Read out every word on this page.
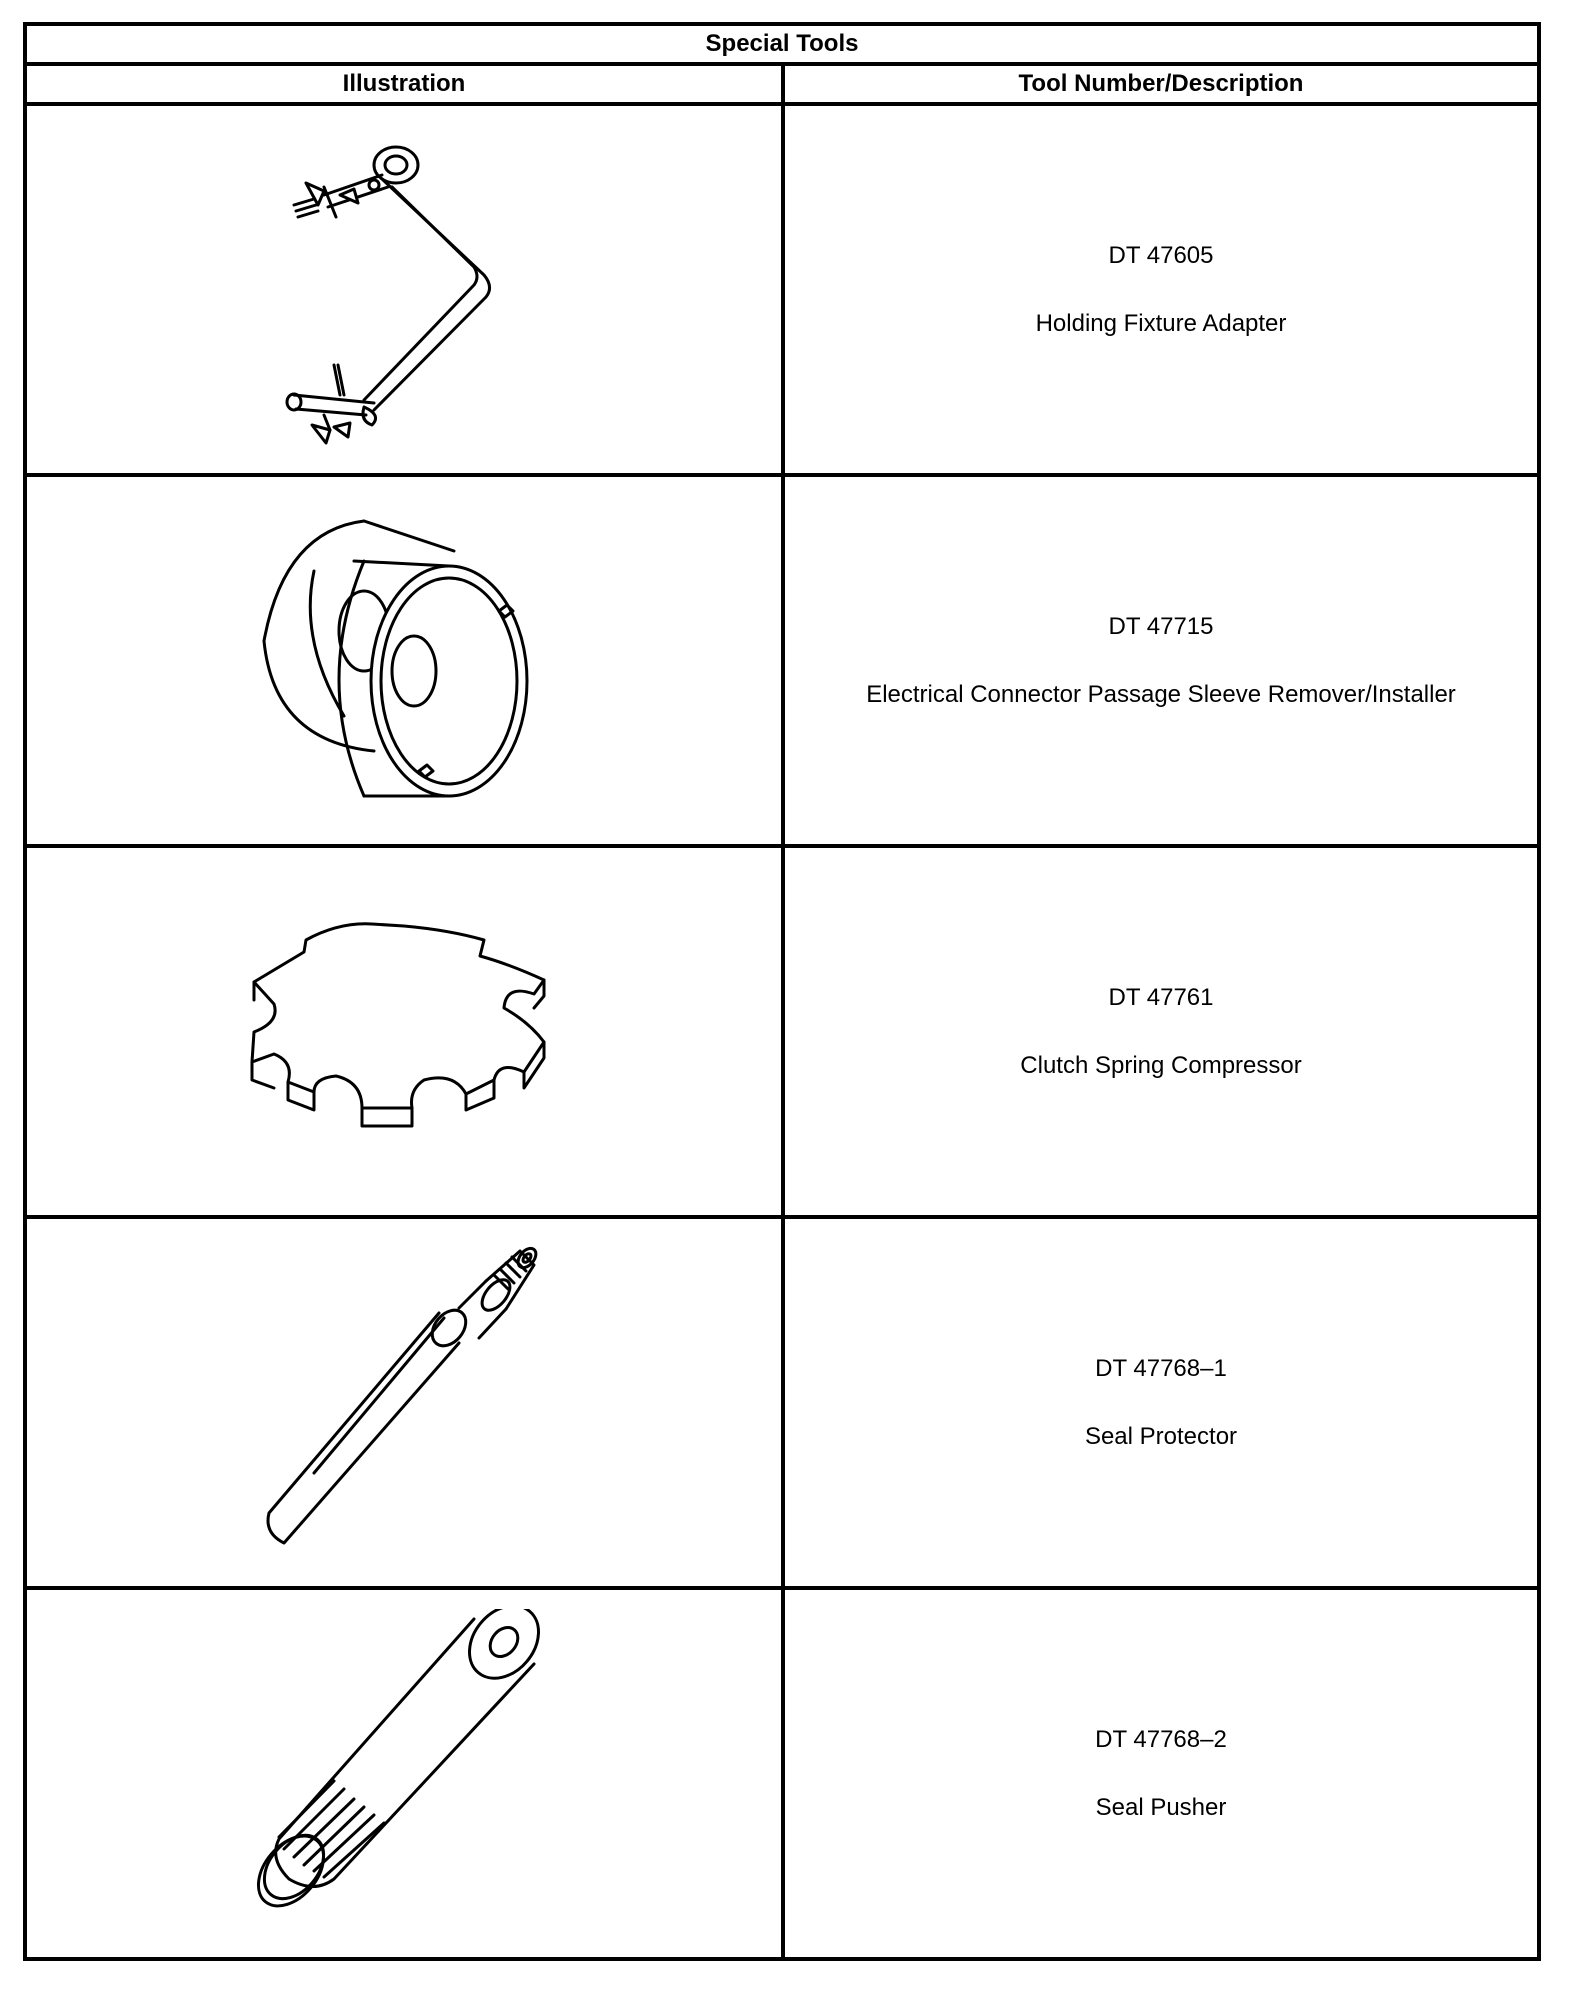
Special Tools	
Illustration	Tool Number/Description

DT 47605
Holding Fixture Adapter

DT 47715
Electrical Connector Passage Sleeve Remover/Installer

DT 47761
Clutch Spring Compressor

DT 47768–1
Seal Protector

DT 47768–2
Seal Pusher
